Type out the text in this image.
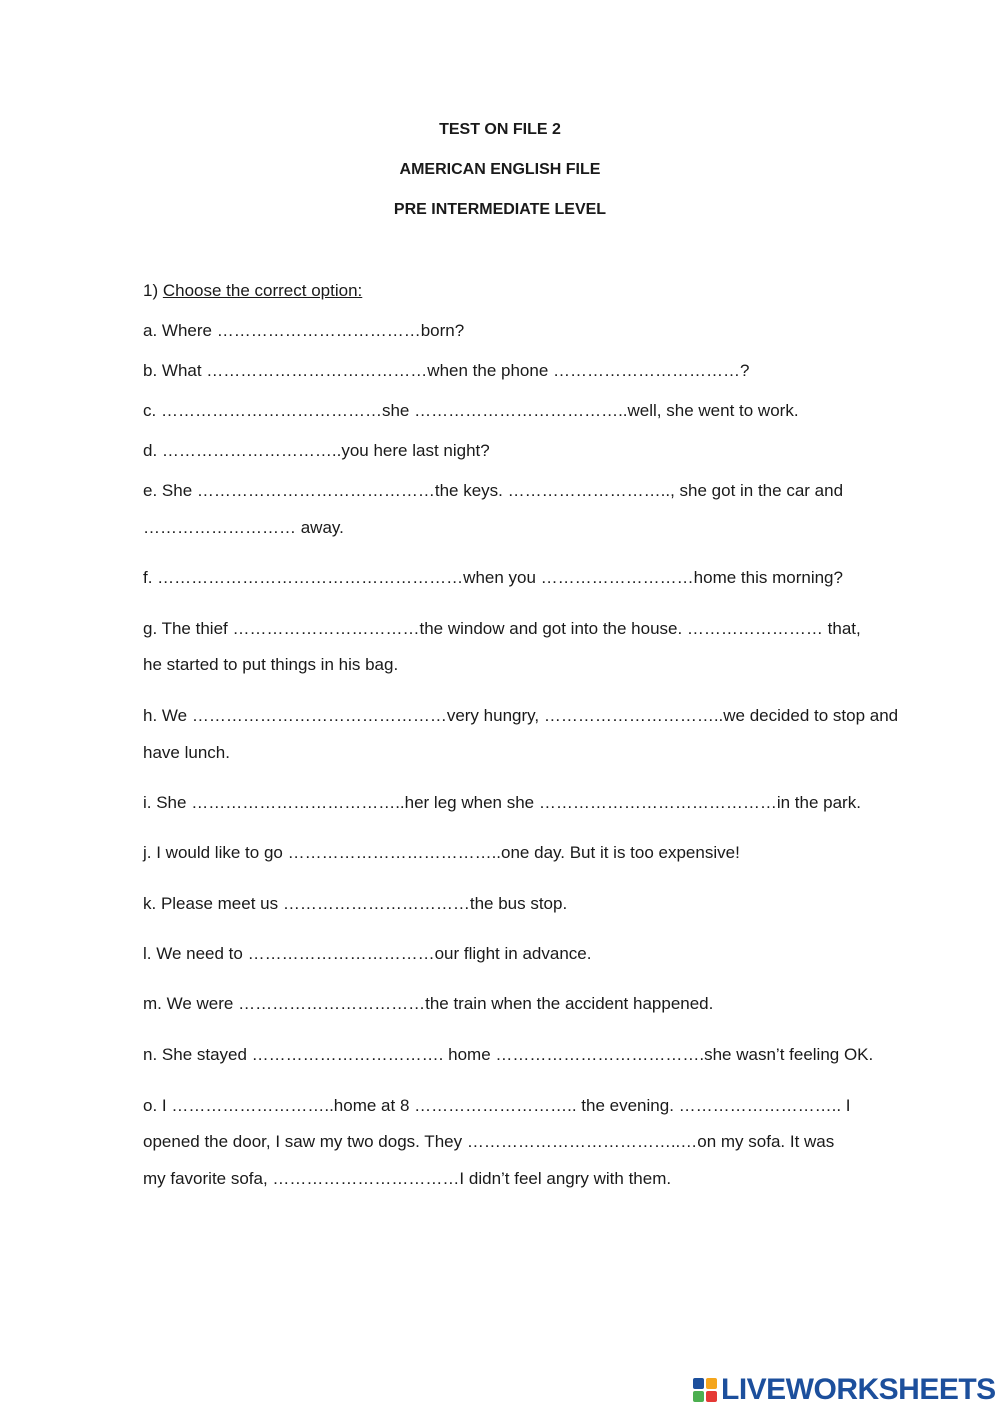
TEST ON FILE 2
AMERICAN ENGLISH FILE
PRE INTERMEDIATE LEVEL
1) Choose the correct option:
a. Where ………………………………born?
b. What …………………………………when the phone ……………………………?
c. …………………………………she ………………………………..well, she went to work.
d. …………………………..you here last night?
e. She ……………………………………the keys. ……………………….., she got in the car and
……………………… away.
f. ………………………………………………when you ………………………home this morning?
g. The thief ……………………………the window and got into the house. …………………… that,
he started to put things in his bag.
h. We ………………………………………very hungry, …………………………..we decided to stop and
have lunch.
i. She ………………………………..her leg when she ……………………………………in the park.
j. I would like to go ………………………………..one day. But it is too expensive!
k. Please meet us ……………………………the bus stop.
l. We need to ……………………………our flight in advance.
m. We were ……………………………the train when the accident happened.
n. She stayed ……………………………. home ……………………………….she wasn’t feeling OK.
o. I ………………………..home at 8 ……………………….. the evening. ……………………….. I
opened the door, I saw my two dogs. They ………………………………..…on my sofa. It was
my favorite sofa, ……………………………I didn’t feel angry with them.
LIVEWORKSHEETS
